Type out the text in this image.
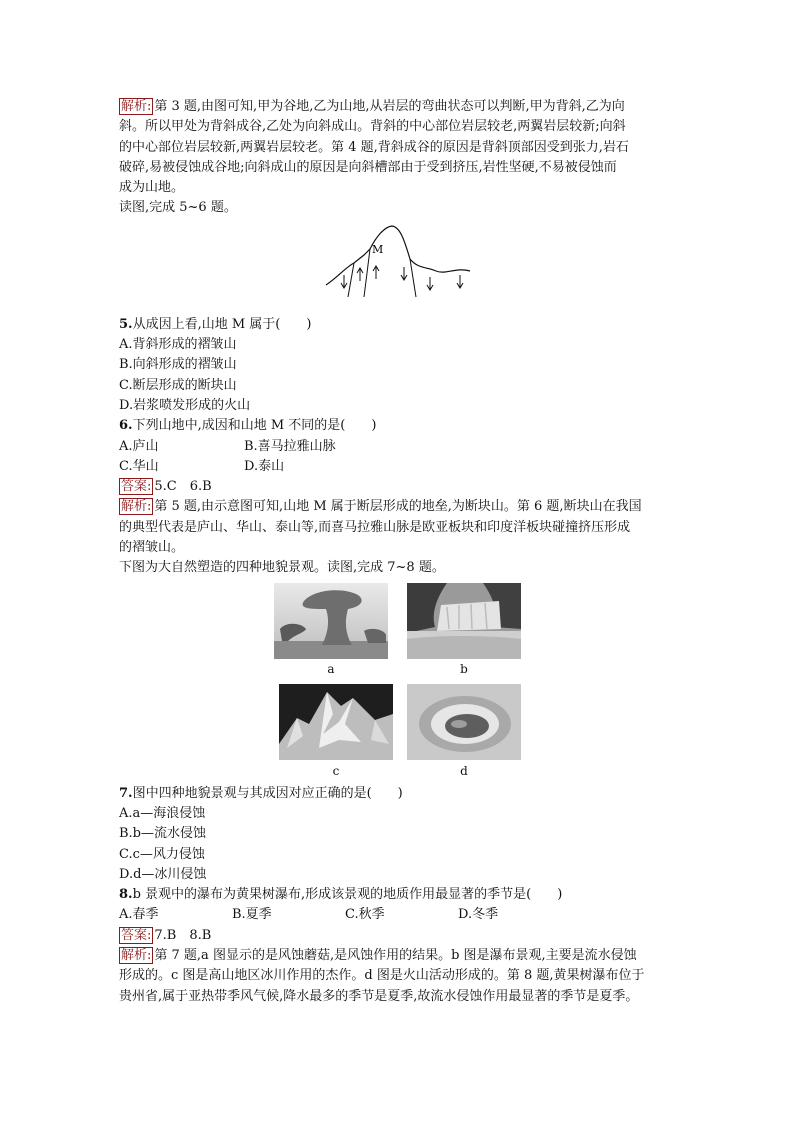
解析: 第 3 题,由图可知,甲为谷地,乙为山地,从岩层的弯曲状态可以判断,甲为背斜,乙为向
斜。所以甲处为背斜成谷,乙处为向斜成山。背斜的中心部位岩层较老,两翼岩层较新;向斜
的中心部位岩层较新,两翼岩层较老。第 4 题,背斜成谷的原因是背斜顶部因受到张力,岩石
破碎,易被侵蚀成谷地;向斜成山的原因是向斜槽部由于受到挤压,岩性坚硬,不易被侵蚀而
成为山地。
读图,完成 5~6 题。
5.从成因上看,山地 M 属于(　　)
A.背斜形成的褶皱山
B.向斜形成的褶皱山
C.断层形成的断块山
D.岩浆喷发形成的火山
6.下列山地中,成因和山地 M 不同的是(　　)
A.庐山	B.喜马拉雅山脉
C.华山	D.泰山
答案: 5.C　6.B
解析: 第 5 题,由示意图可知,山地 M 属于断层形成的地垒,为断块山。第 6 题,断块山在我国
的典型代表是庐山、华山、泰山等,而喜马拉雅山脉是欧亚板块和印度洋板块碰撞挤压形成
的褶皱山。
下图为大自然塑造的四种地貌景观。读图,完成 7~8 题。
7.图中四种地貌景观与其成因对应正确的是(　　)
A.a—海浪侵蚀
B.b—流水侵蚀
C.c—风力侵蚀
D.d—冰川侵蚀
8.b 景观中的瀑布为黄果树瀑布,形成该景观的地质作用最显著的季节是(　　)
A.春季	B.夏季	C.秋季	D.冬季
答案: 7.B　8.B
解析: 第 7 题,a 图显示的是风蚀蘑菇,是风蚀作用的结果。b 图是瀑布景观,主要是流水侵蚀
形成的。c 图是高山地区冰川作用的杰作。d 图是火山活动形成的。第 8 题,黄果树瀑布位于
贵州省,属于亚热带季风气候,降水最多的季节是夏季,故流水侵蚀作用最显著的季节是夏季。
M
a	b
c	d
